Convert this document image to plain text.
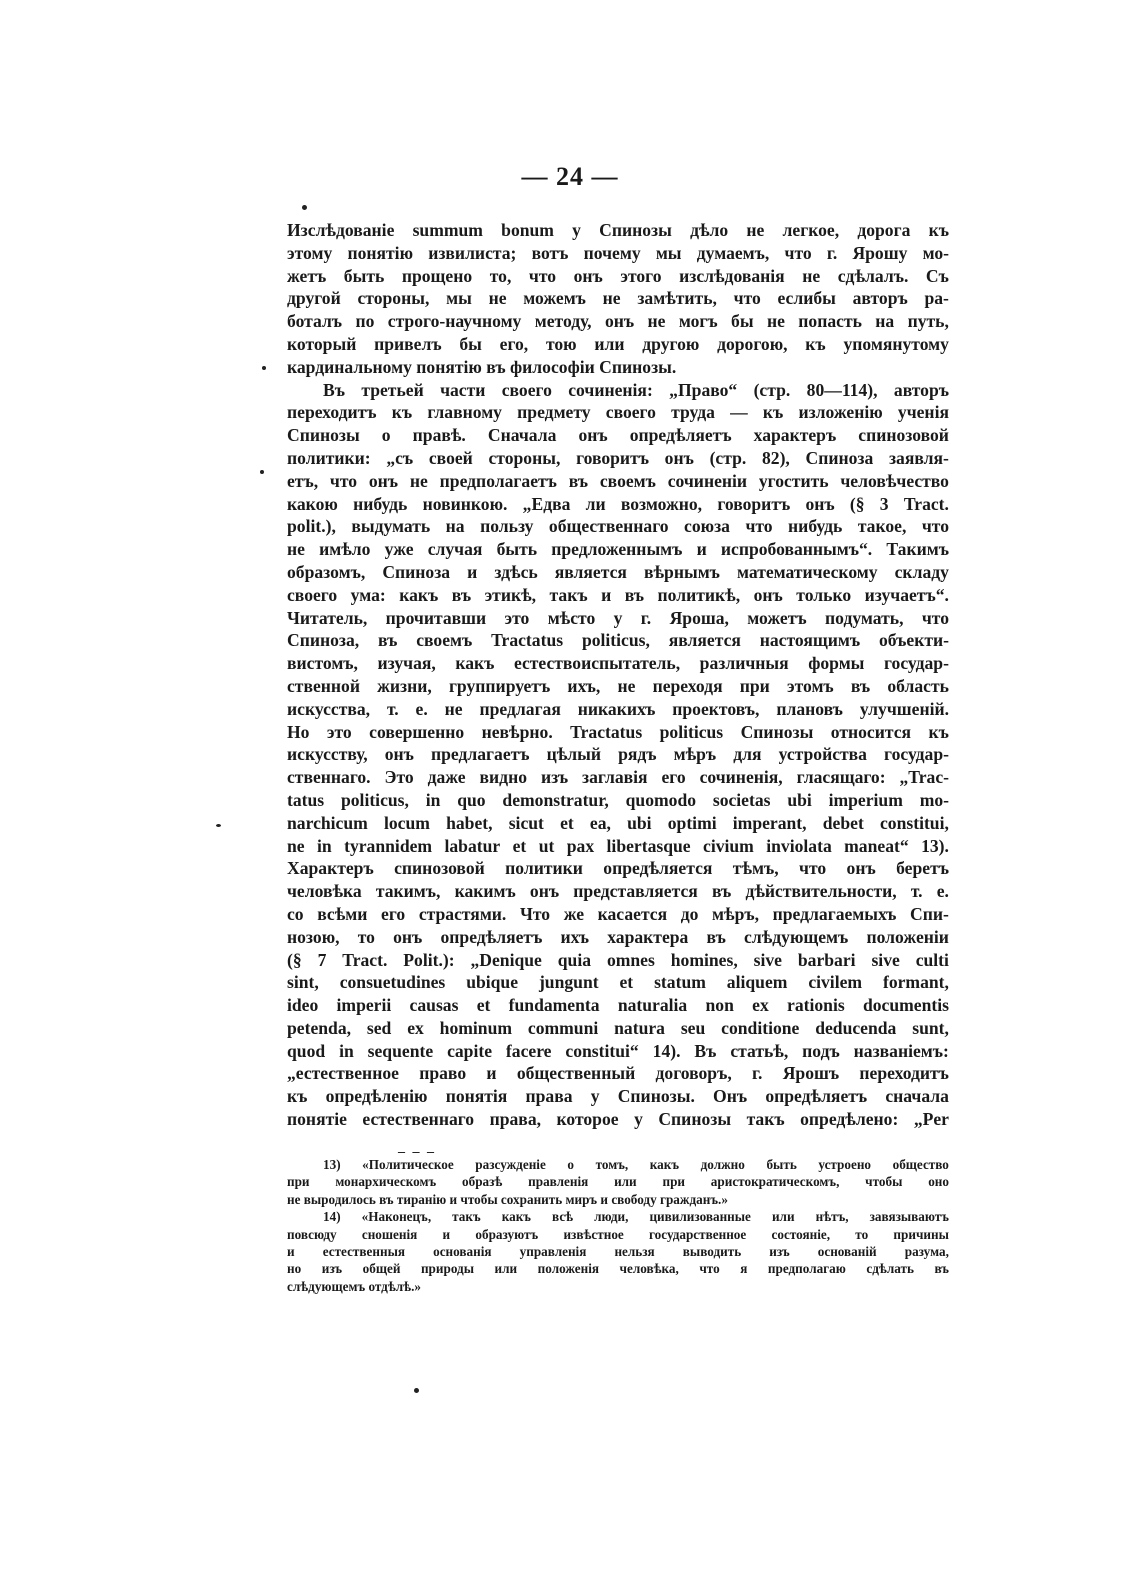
— 24 —
Изслѣдованіе summum bonum у Спинозы дѣло не легкое, дорога къ
этому понятію извилиста; вотъ почему мы думаемъ, что г. Ярошу мо-
жетъ быть прощено то, что онъ этого изслѣдованія не сдѣлалъ. Съ
другой стороны, мы не можемъ не замѣтить, что еслибы авторъ ра-
боталъ по строго-научному методу, онъ не могъ бы не попасть на путь,
который привелъ бы его, тою или другою дорогою, къ упомянутому
кардинальному понятію въ философіи Спинозы.
Въ третьей части своего сочиненія: „Право“ (стр. 80—114), авторъ
переходитъ къ главному предмету своего труда — къ изложенію ученія
Спинозы о правѣ. Сначала онъ опредѣляетъ характеръ спинозовой
политики: „съ своей стороны, говоритъ онъ (стр. 82), Спиноза заявля-
етъ, что онъ не предполагаетъ въ своемъ сочиненіи угостить человѣчество
какою нибудь новинкою. „Едва ли возможно, говоритъ онъ (§ 3 Tract.
polit.), выдумать на пользу общественнаго союза что нибудь такое, что
не имѣло уже случая быть предложеннымъ и испробованнымъ“. Такимъ
образомъ, Спиноза и здѣсь является вѣрнымъ математическому складу
своего ума: какъ въ этикѣ, такъ и въ политикѣ, онъ только изучаетъ“.
Читатель, прочитавши это мѣсто у г. Яроша, можетъ подумать, что
Спиноза, въ своемъ Tractatus politicus, является настоящимъ объекти-
вистомъ, изучая, какъ естествоиспытатель, различныя формы государ-
ственной жизни, группируетъ ихъ, не переходя при этомъ въ область
искусства, т. е. не предлагая никакихъ проектовъ, плановъ улучшеній.
Но это совершенно невѣрно. Tractatus politicus Спинозы относится къ
искусству, онъ предлагаетъ цѣлый рядъ мѣръ для устройства государ-
ственнаго. Это даже видно изъ заглавія его сочиненія, гласящаго: „Trac-
tatus politicus, in quo demonstratur, quomodo societas ubi imperium mo-
narchicum locum habet, sicut et ea, ubi optimi imperant, debet constitui,
ne in tyrannidem labatur et ut pax libertasque civium inviolata maneat“ 13).
Характеръ спинозовой политики опредѣляется тѣмъ, что онъ беретъ
человѣка такимъ, какимъ онъ представляется въ дѣйствительности, т. е.
со всѣми его страстями. Что же касается до мѣръ, предлагаемыхъ Спи-
нозою, то онъ опредѣляетъ ихъ характера въ слѣдующемъ положеніи
(§ 7 Tract. Polit.): „Denique quia omnes homines, sive barbari sive culti
sint, consuetudines ubique jungunt et statum aliquem civilem formant,
ideo imperii causas et fundamenta naturalia non ex rationis documentis
petenda, sed ex hominum communi natura seu conditione deducenda sunt,
quod in sequente capite facere constitui“ 14). Въ статьѣ, подъ названіемъ:
„естественное право и общественный договоръ, г. Ярошъ переходитъ
къ опредѣленію понятія права у Спинозы. Онъ опредѣляетъ сначала
понятіе естественнаго права, которое у Спинозы такъ опредѣлено: „Per
_ _ _
13) «Политическое разсужденіе о томъ, какъ должно быть устроено общество
при монархическомъ образѣ правленія или при аристократическомъ, чтобы оно
не выродилось въ тиранію и чтобы сохранить миръ и свободу гражданъ.»
14) «Наконецъ, такъ какъ всѣ люди, цивилизованные или нѣтъ, завязываютъ
повсюду сношенія и образуютъ извѣстное государственное состояніе, то причины
и естественныя основанія управленія нельзя выводить изъ основаній разума,
но изъ общей природы или положенія человѣка, что я предполагаю сдѣлать въ
слѣдующемъ отдѣлѣ.»
